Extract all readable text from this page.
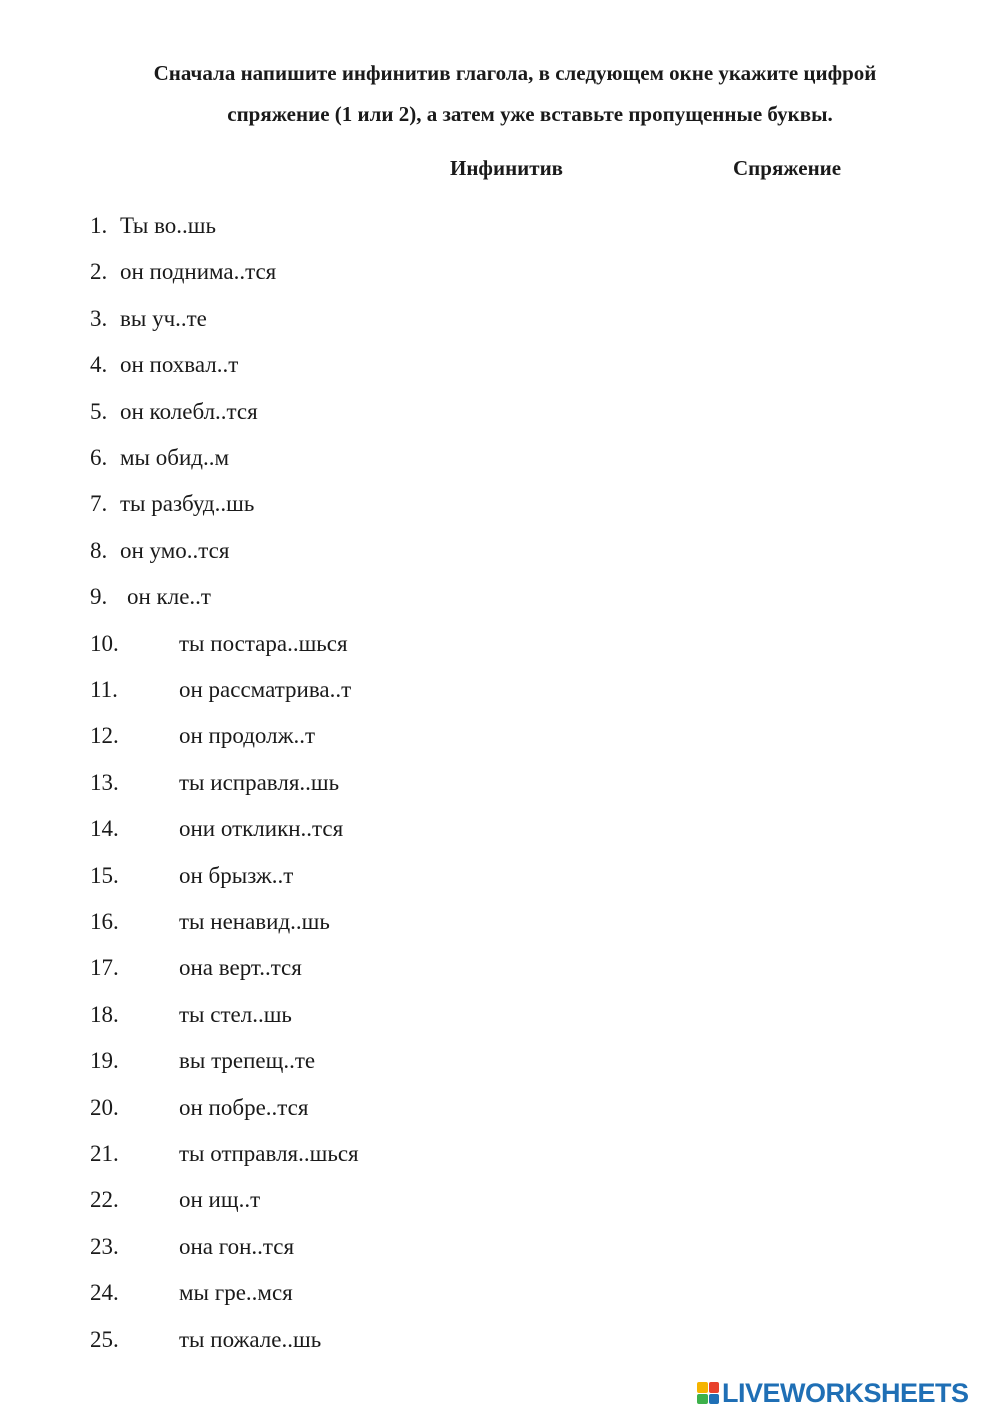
Сначала напишите инфинитив глагола, в следующем окне укажите цифрой
спряжение (1 или 2), а затем уже вставьте пропущенные буквы.
Инфинитив	Спряжение
1. Ты во..шь
2. он поднима..тся
3. вы уч..те
4. он похвал..т
5. он колебл..тся
6. мы обид..м
7. ты разбуд..шь
8. он умо..тся
9. он кле..т
10.	ты постара..шься
11.	он рассматрива..т
12.	он продолж..т
13.	ты исправля..шь
14.	они откликн..тся
15.	он брызж..т
16.	ты ненавид..шь
17.	она верт..тся
18.	ты стел..шь
19.	вы трепещ..те
20.	он побре..тся
21.	ты отправля..шься
22.	он ищ..т
23.	она гон..тся
24.	мы гре..мся
25.	ты пожале..шь
LIVEWORKSHEETS
